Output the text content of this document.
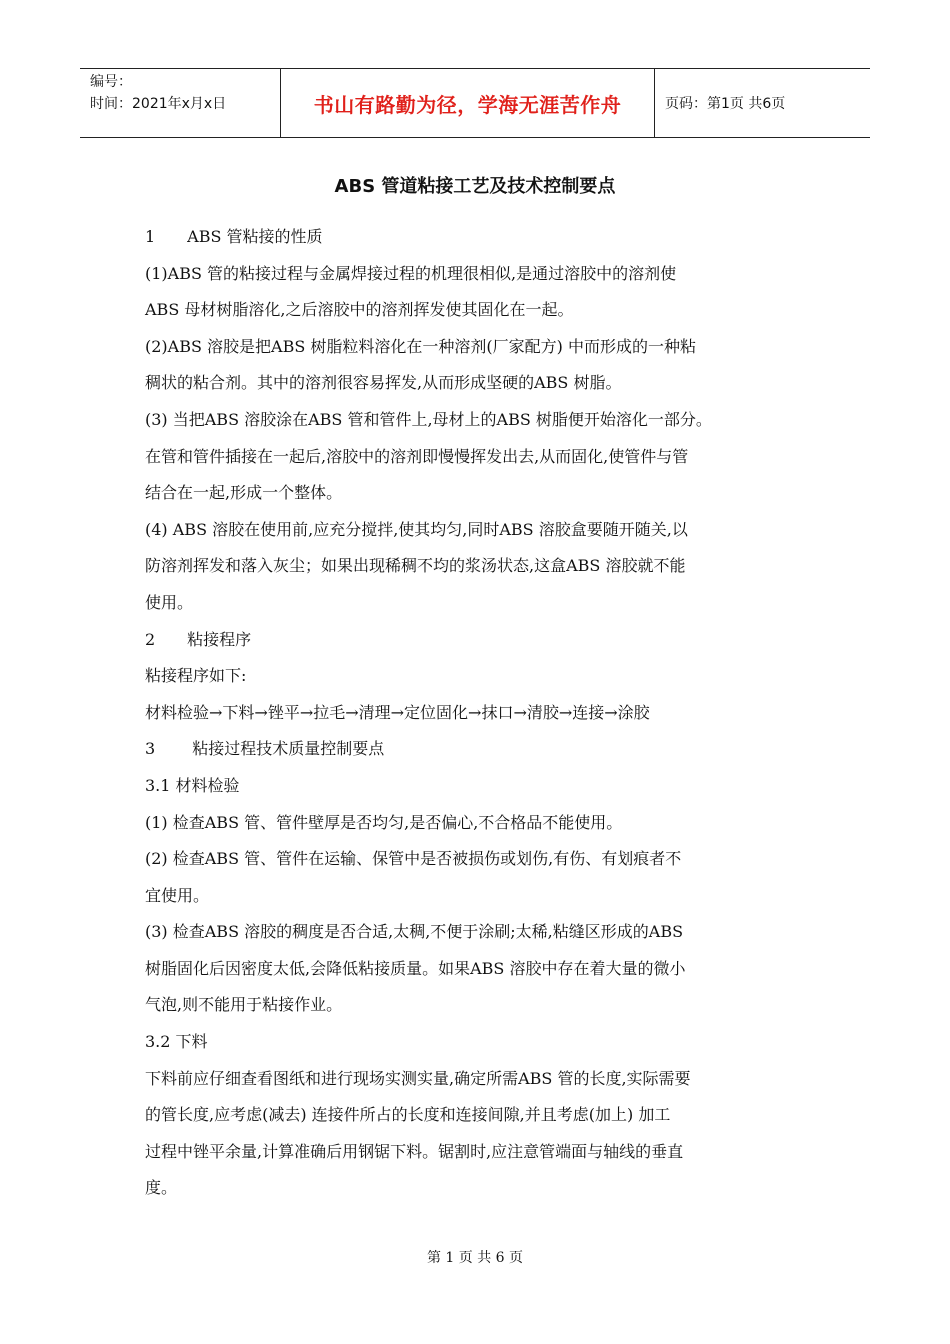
编号：
时间：2021年x月x日	书山有路勤为径，学海无涯苦作舟	页码：第1页 共6页
ABS 管道粘接工艺及技术控制要点
1　　ABS 管粘接的性质
(1)ABS 管的粘接过程与金属焊接过程的机理很相似,是通过溶胶中的溶剂使
ABS 母材树脂溶化,之后溶胶中的溶剂挥发使其固化在一起。
(2)ABS 溶胶是把ABS 树脂粒料溶化在一种溶剂(厂家配方) 中而形成的一种粘
稠状的粘合剂。其中的溶剂很容易挥发,从而形成坚硬的ABS 树脂。
(3) 当把ABS 溶胶涂在ABS 管和管件上,母材上的ABS 树脂便开始溶化一部分。
在管和管件插接在一起后,溶胶中的溶剂即慢慢挥发出去,从而固化,使管件与管
结合在一起,形成一个整体。
(4) ABS 溶胶在使用前,应充分搅拌,使其均匀,同时ABS 溶胶盒要随开随关,以
防溶剂挥发和落入灰尘；如果出现稀稠不均的浆汤状态,这盒ABS 溶胶就不能
使用。
2　　粘接程序
粘接程序如下:
材料检验→下料→锉平→拉毛→清理→定位固化→抹口→清胶→连接→涂胶
3　　 粘接过程技术质量控制要点
3.1 材料检验
(1) 检查ABS 管、管件壁厚是否均匀,是否偏心,不合格品不能使用。
(2) 检查ABS 管、管件在运输、保管中是否被损伤或划伤,有伤、有划痕者不
宜使用。
(3) 检查ABS 溶胶的稠度是否合适,太稠,不便于涂刷;太稀,粘缝区形成的ABS
树脂固化后因密度太低,会降低粘接质量。如果ABS 溶胶中存在着大量的微小
气泡,则不能用于粘接作业。
3.2 下料
下料前应仔细查看图纸和进行现场实测实量,确定所需ABS 管的长度,实际需要
的管长度,应考虑(减去) 连接件所占的长度和连接间隙,并且考虑(加上) 加工
过程中锉平余量,计算准确后用钢锯下料。锯割时,应注意管端面与轴线的垂直
度。
第 1 页 共 6 页
